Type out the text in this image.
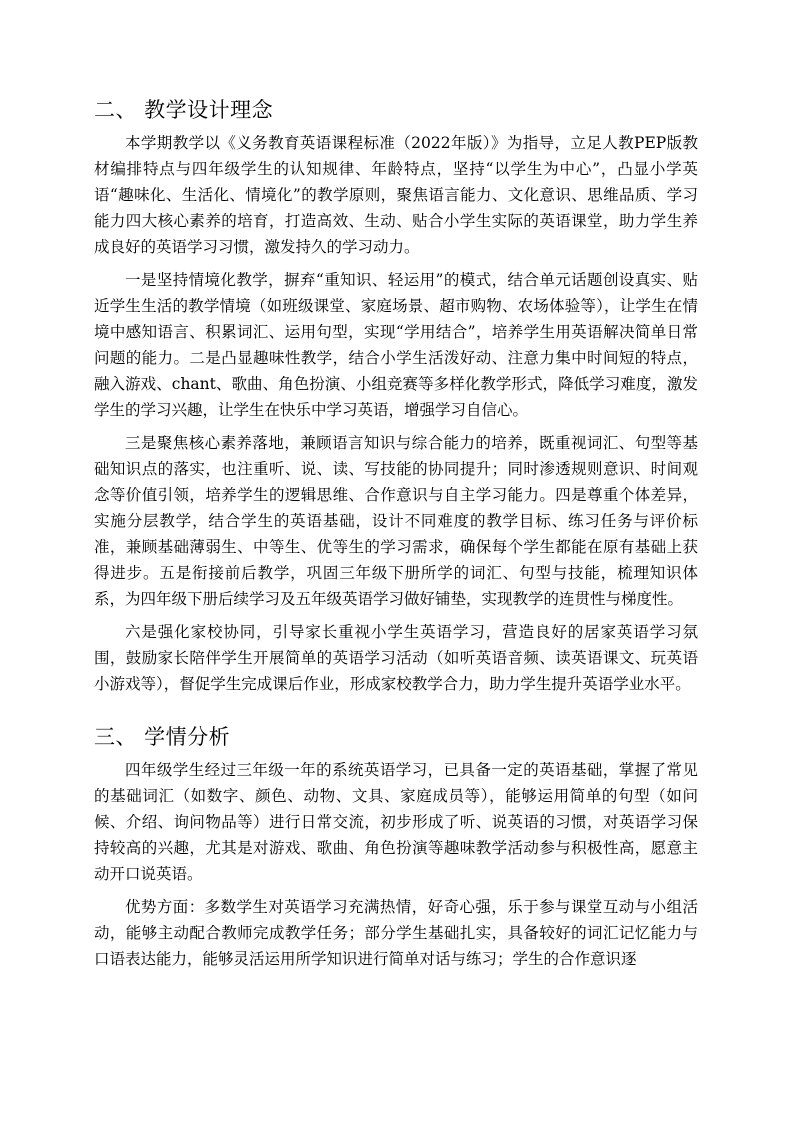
二、 教学设计理念

本学期教学以《义务教育英语课程标准（2022年版）》为指导，立足人教PEP版教材编排特点与四年级学生的认知规律、年龄特点，坚持“以学生为中心”，凸显小学英语“趣味化、生活化、情境化”的教学原则，聚焦语言能力、文化意识、思维品质、学习能力四大核心素养的培育，打造高效、生动、贴合小学生实际的英语课堂，助力学生养成良好的英语学习习惯，激发持久的学习动力。

一是坚持情境化教学，摒弃“重知识、轻运用”的模式，结合单元话题创设真实、贴近学生生活的教学情境（如班级课堂、家庭场景、超市购物、农场体验等），让学生在情境中感知语言、积累词汇、运用句型，实现“学用结合”，培养学生用英语解决简单日常问题的能力。二是凸显趣味性教学，结合小学生活泼好动、注意力集中时间短的特点，融入游戏、chant、歌曲、角色扮演、小组竞赛等多样化教学形式，降低学习难度，激发学生的学习兴趣，让学生在快乐中学习英语，增强学习自信心。

三是聚焦核心素养落地，兼顾语言知识与综合能力的培养，既重视词汇、句型等基础知识点的落实，也注重听、说、读、写技能的协同提升；同时渗透规则意识、时间观念等价值引领，培养学生的逻辑思维、合作意识与自主学习能力。四是尊重个体差异，实施分层教学，结合学生的英语基础，设计不同难度的教学目标、练习任务与评价标准，兼顾基础薄弱生、中等生、优等生的学习需求，确保每个学生都能在原有基础上获得进步。五是衔接前后教学，巩固三年级下册所学的词汇、句型与技能，梳理知识体系，为四年级下册后续学习及五年级英语学习做好铺垫，实现教学的连贯性与梯度性。

六是强化家校协同，引导家长重视小学生英语学习，营造良好的居家英语学习氛围，鼓励家长陪伴学生开展简单的英语学习活动（如听英语音频、读英语课文、玩英语小游戏等），督促学生完成课后作业，形成家校教学合力，助力学生提升英语学业水平。

三、 学情分析

四年级学生经过三年级一年的系统英语学习，已具备一定的英语基础，掌握了常见的基础词汇（如数字、颜色、动物、文具、家庭成员等），能够运用简单的句型（如问候、介绍、询问物品等）进行日常交流，初步形成了听、说英语的习惯，对英语学习保持较高的兴趣，尤其是对游戏、歌曲、角色扮演等趣味教学活动参与积极性高，愿意主动开口说英语。

优势方面：多数学生对英语学习充满热情，好奇心强，乐于参与课堂互动与小组活动，能够主动配合教师完成教学任务；部分学生基础扎实，具备较好的词汇记忆能力与口语表达能力，能够灵活运用所学知识进行简单对话与练习；学生的合作意识逐
